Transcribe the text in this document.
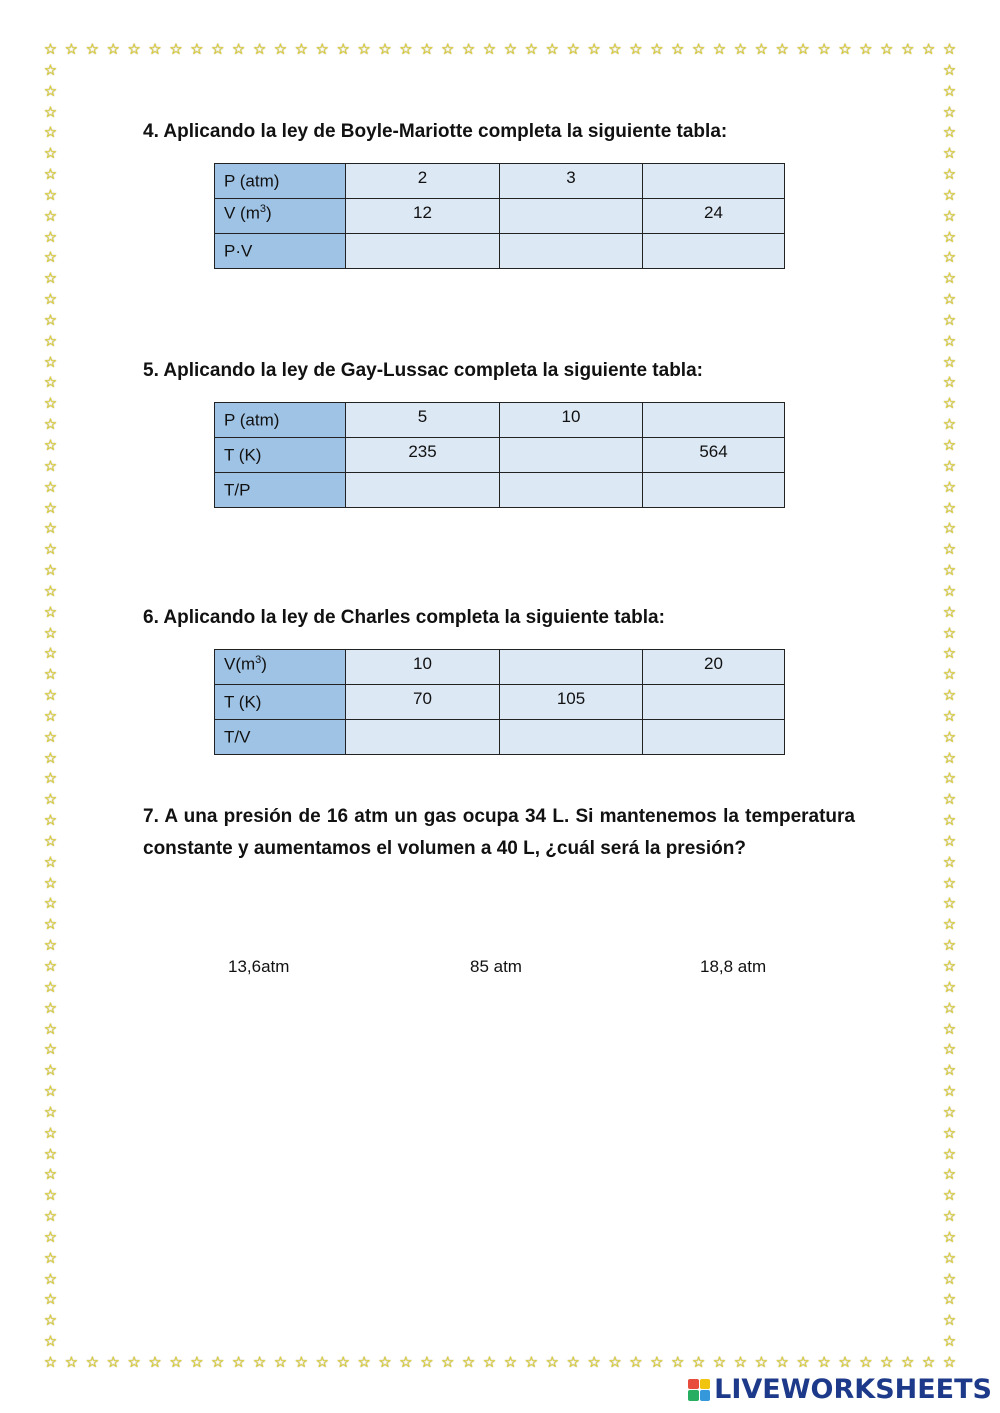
☆
☆
☆
☆
☆
☆
☆
☆
☆
☆
☆
☆
☆
☆
☆
☆
☆
☆
☆
☆
☆
☆
☆
☆
☆
☆
☆
☆
☆
☆
☆
☆
☆
☆
☆
☆
☆
☆
☆
☆
☆
☆
☆
☆
☆
☆
☆
☆
☆
☆
☆
☆
☆
☆
☆
☆
☆
☆
☆
☆
☆
☆
☆
☆
☆
☆
☆
☆
☆
☆
☆
☆
☆
☆
☆
☆
☆
☆
☆
☆
☆
☆
☆
☆
☆
☆
☆
☆
☆	☆
☆	☆
☆	☆
☆	☆
☆	☆
☆	☆
☆	☆
☆	☆
☆	☆
☆	☆
☆	☆
☆	☆
☆	☆
☆	☆
☆	☆
☆	☆
☆	☆
☆	☆
☆	☆
☆	☆
☆	☆
☆	☆
☆	☆
☆	☆
☆	☆
☆	☆
☆	☆
☆	☆
☆	☆
☆	☆
☆	☆
☆	☆
☆	☆
☆	☆
☆	☆
☆	☆
☆	☆
☆	☆
☆	☆
☆	☆
☆	☆
☆	☆
☆	☆
☆	☆
☆	☆
☆	☆
☆	☆
☆	☆
☆	☆
☆	☆
☆	☆
☆	☆
☆	☆
☆	☆
☆	☆
☆	☆
☆	☆
☆	☆
☆	☆
☆	☆
☆	☆
☆	☆
4. Aplicando la ley de Boyle-Mariotte completa la siguiente tabla:
P (atm)	2	3	
V $(m^3)$	12		24
P·V			
5. Aplicando la ley de Gay-Lussac completa la siguiente tabla:
P (atm)	5	10	
T (K)	235		564
T/P			
6. Aplicando la ley de Charles completa la siguiente tabla:
$V(m^3)$	10		20
T (K)	70	105	
T/V			

7. A una presión de 16 atm un gas ocupa 34 L. Si mantenemos la temperatura constante y aumentamos el volumen a 40 L, ¿cuál será la presión?

13,6atm	85 atm	18,8 atm

LIVEWORKSHEETS
